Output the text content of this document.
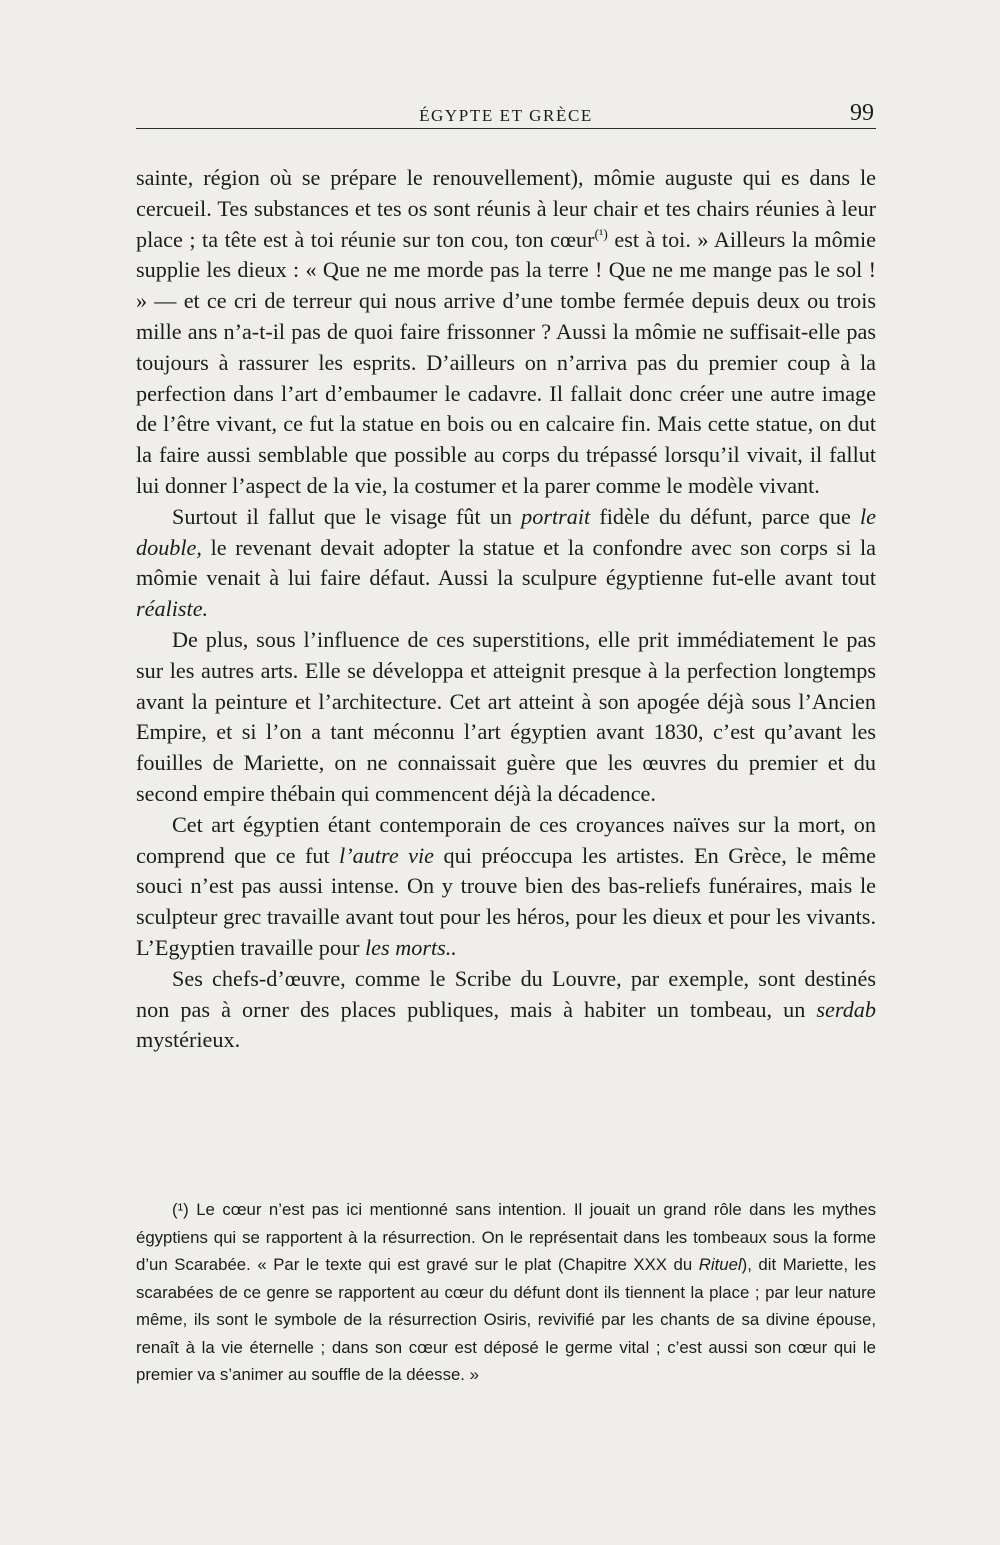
ÉGYPTE ET GRÈCE	99

sainte, région où se prépare le renouvellement), mômie auguste qui es dans le cercueil. Tes substances et tes os sont réunis à leur chair et tes chairs réunies à leur place ; ta tête est à toi réunie sur ton cou, ton cœur$^{(^1)}$ est à toi. » Ailleurs la mômie supplie les dieux : « Que ne me morde pas la terre ! Que ne me mange pas le sol ! » — et ce cri de terreur qui nous arrive d’une tombe fermée depuis deux ou trois mille ans n’a-t-il pas de quoi faire frissonner ? Aussi la mômie ne suffisait-elle pas toujours à rassurer les esprits. D’ailleurs on n’arriva pas du premier coup à la perfection dans l’art d’embaumer le cadavre. Il fallait donc créer une autre image de l’être vivant, ce fut la statue en bois ou en calcaire fin. Mais cette statue, on dut la faire aussi semblable que possible au corps du trépassé lorsqu’il vivait, il fallut lui donner l’aspect de la vie, la costumer et la parer comme le modèle vivant.

Surtout il fallut que le visage fût un portrait fidèle du défunt, parce que le double, le revenant devait adopter la statue et la confondre avec son corps si la mômie venait à lui faire défaut. Aussi la sculpure égyptienne fut-elle avant tout réaliste.

De plus, sous l’influence de ces superstitions, elle prit immédiatement le pas sur les autres arts. Elle se développa et atteignit presque à la perfection longtemps avant la peinture et l’architecture. Cet art atteint à son apogée déjà sous l’Ancien Empire, et si l’on a tant méconnu l’art égyptien avant 1830, c’est qu’avant les fouilles de Mariette, on ne connaissait guère que les œuvres du premier et du second empire thébain qui commencent déjà la décadence.

Cet art égyptien étant contemporain de ces croyances naïves sur la mort, on comprend que ce fut l’autre vie qui préoccupa les artistes. En Grèce, le même souci n’est pas aussi intense. On y trouve bien des bas-reliefs funéraires, mais le sculpteur grec travaille avant tout pour les héros, pour les dieux et pour les vivants. L’Egyptien travaille pour les morts..

Ses chefs-d’œuvre, comme le Scribe du Louvre, par exemple, sont destinés non pas à orner des places publiques, mais à habiter un tombeau, un serdab mystérieux.

(¹) Le cœur n’est pas ici mentionné sans intention. Il jouait un grand rôle dans les mythes égyptiens qui se rapportent à la résurrection. On le représentait dans les tombeaux sous la forme d’un Scarabée. « Par le texte qui est gravé sur le plat (Chapitre XXX du Rituel), dit Mariette, les scarabées de ce genre se rapportent au cœur du défunt dont ils tiennent la place ; par leur nature même, ils sont le symbole de la résurrection Osiris, revivifié par les chants de sa divine épouse, renaît à la vie éternelle ; dans son cœur est déposé le germe vital ; c’est aussi son cœur qui le premier va s’animer au souffle de la déesse. »
